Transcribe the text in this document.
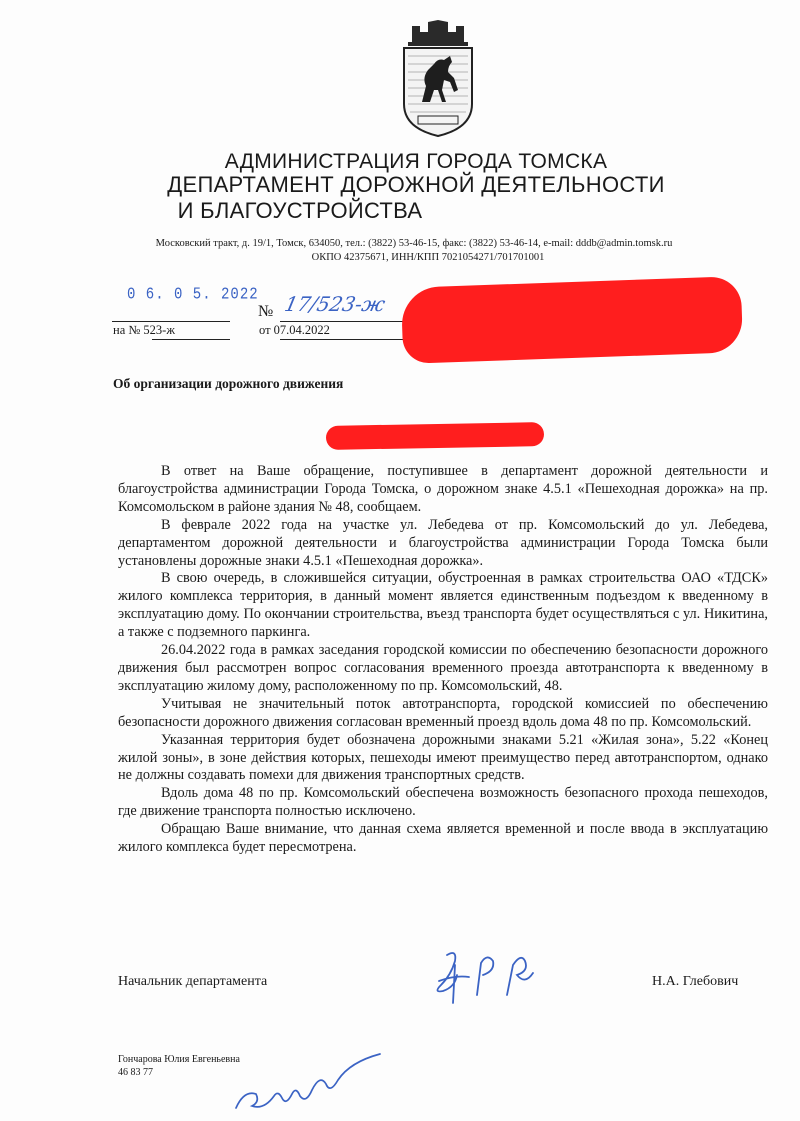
АДМИНИСТРАЦИЯ ГОРОДА ТОМСКА
ДЕПАРТАМЕНТ ДОРОЖНОЙ ДЕЯТЕЛЬНОСТИ
И БЛАГОУСТРОЙСТВА
Московский тракт, д. 19/1, Томск, 634050, тел.: (3822) 53-46-15, факс: (3822) 53-46-14, e-mail: dddb@admin.tomsk.ru
ОКПО 42375671, ИНН/КПП 7021054271/701701001
0 6. 0 5. 2022
№ 17/523-ж
на № 523-ж	от 07.04.2022
Об организации дорожного движения

В ответ на Ваше обращение, поступившее в департамент дорожной деятельности и благоустройства администрации Города Томска, о дорожном знаке 4.5.1 «Пешеходная дорожка» на пр. Комсомольском в районе здания № 48, сообщаем.

В феврале 2022 года на участке ул. Лебедева от пр. Комсомольский до ул. Лебедева, департаментом дорожной деятельности и благоустройства администрации Города Томска были установлены дорожные знаки 4.5.1 «Пешеходная дорожка».

В свою очередь, в сложившейся ситуации, обустроенная в рамках строительства ОАО «ТДСК» жилого комплекса территория, в данный момент является единственным подъездом к введенному в эксплуатацию дому. По окончании строительства, въезд транспорта будет осуществляться с ул. Никитина, а также с подземного паркинга.

26.04.2022 года в рамках заседания городской комиссии по обеспечению безопасности дорожного движения был рассмотрен вопрос согласования временного проезда автотранспорта к введенному в эксплуатацию жилому дому, расположенному по пр. Комсомольский, 48.

Учитывая не значительный поток автотранспорта, городской комиссией по обеспечению безопасности дорожного движения согласован временный проезд вдоль дома 48 по пр. Комсомольский.

Указанная территория будет обозначена дорожными знаками 5.21 «Жилая зона», 5.22 «Конец жилой зоны», в зоне действия которых, пешеходы имеют преимущество перед автотранспортом, однако не должны создавать помехи для движения транспортных средств.

Вдоль дома 48 по пр. Комсомольский обеспечена возможность безопасного прохода пешеходов, где движение транспорта полностью исключено.

Обращаю Ваше внимание, что данная схема является временной и после ввода в эксплуатацию жилого комплекса будет пересмотрена.

Начальник департамента	Н.А. Глебович
Гончарова Юлия Евгеньевна
46 83 77
